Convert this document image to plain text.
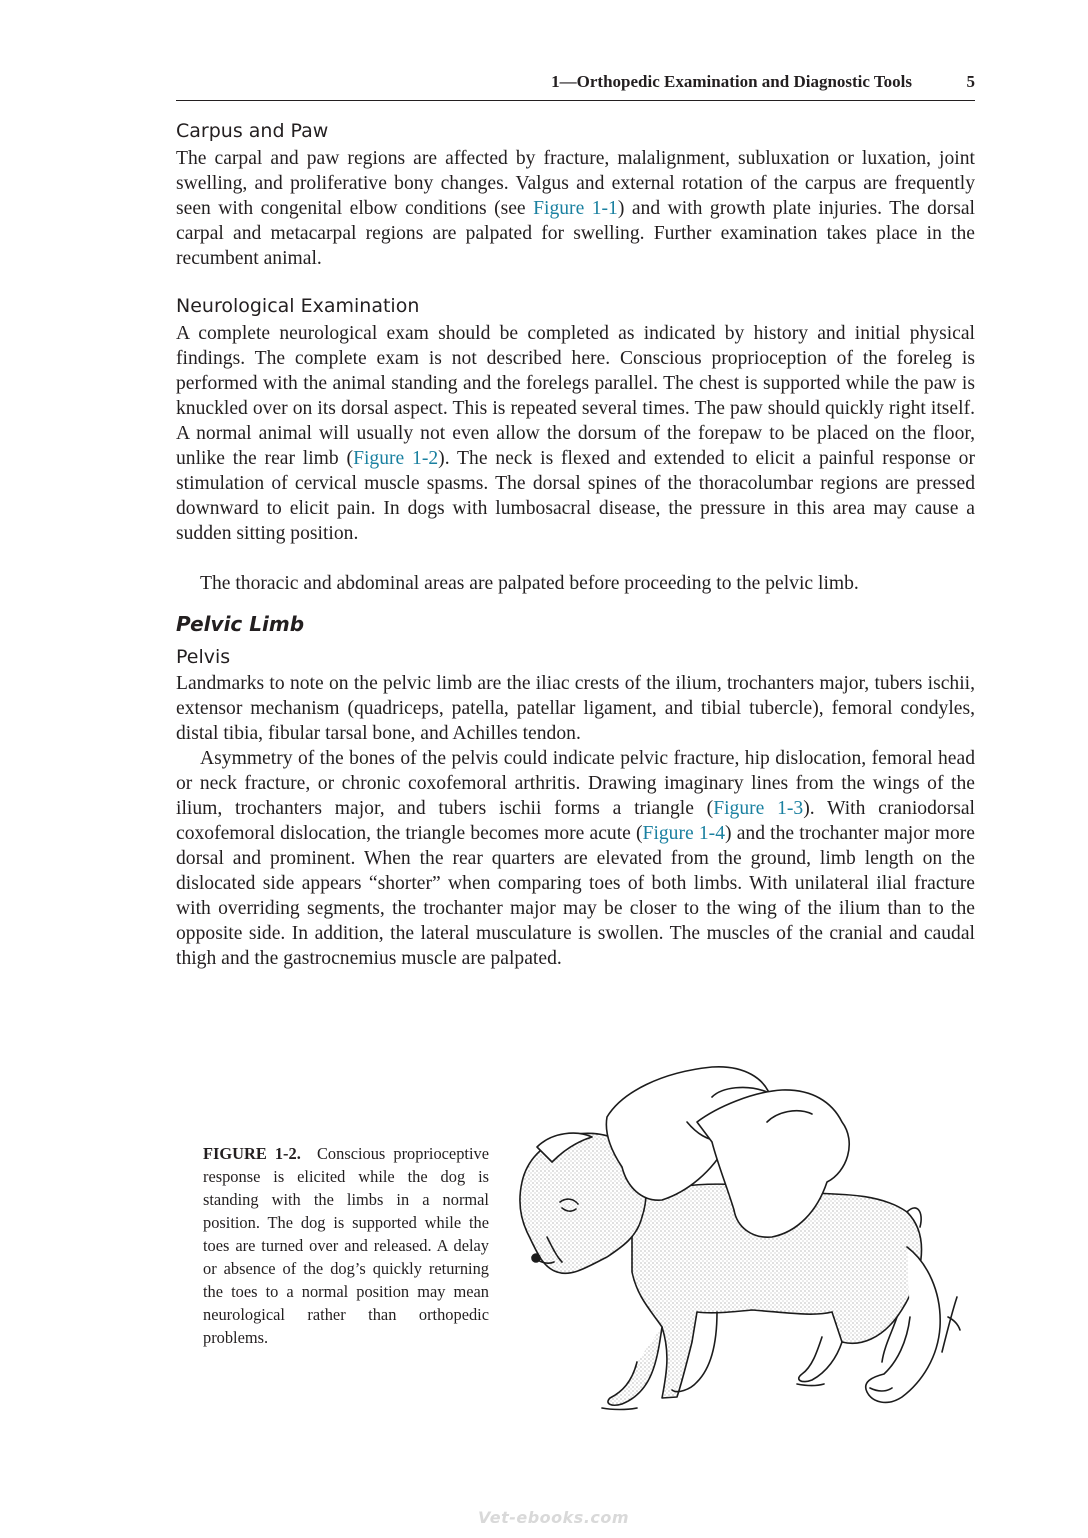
1—Orthopedic Examination and Diagnostic Tools	5
Carpus and Paw

The carpal and paw regions are affected by fracture, malalignment, subluxation or luxation, joint swelling, and proliferative bony changes. Valgus and external rotation of the carpus are frequently seen with congenital elbow conditions (see Figure 1-1) and with growth plate injuries. The dorsal carpal and metacarpal regions are palpated for swelling. Further examination takes place in the recumbent animal.

Neurological Examination

A complete neurological exam should be completed as indicated by history and initial physical findings. The complete exam is not described here. Conscious proprioception of the foreleg is performed with the animal standing and the forelegs parallel. The chest is supported while the paw is knuckled over on its dorsal aspect. This is repeated several times. The paw should quickly right itself. A normal animal will usually not even allow the dorsum of the forepaw to be placed on the floor, unlike the rear limb (Figure 1-2). The neck is flexed and extended to elicit a painful response or stimulation of cervical muscle spasms. The dorsal spines of the thoracolumbar regions are pressed downward to elicit pain. In dogs with lumbosacral disease, the pressure in this area may cause a sudden sitting position.

The thoracic and abdominal areas are palpated before proceeding to the pelvic limb.

Pelvic Limb
Pelvis

Landmarks to note on the pelvic limb are the iliac crests of the ilium, trochanters major, tubers ischii, extensor mechanism (quadriceps, patella, patellar ligament, and tibial tubercle), femoral condyles, distal tibia, fibular tarsal bone, and Achilles tendon.

Asymmetry of the bones of the pelvis could indicate pelvic fracture, hip dislocation, femoral head or neck fracture, or chronic coxofemoral arthritis. Drawing imaginary lines from the wings of the ilium, trochanters major, and tubers ischii forms a triangle (Figure 1-3). With craniodorsal coxofemoral dislocation, the triangle becomes more acute (Figure 1-4) and the trochanter major more dorsal and prominent. When the rear quarters are elevated from the ground, limb length on the dislocated side appears “shorter” when comparing toes of both limbs. With unilateral ilial fracture with overriding segments, the trochanter major may be closer to the wing of the ilium than to the opposite side. In addition, the lateral musculature is swollen. The muscles of the cranial and caudal thigh and the gastrocnemius muscle are palpated.

FIGURE 1-2. Conscious proprioceptive response is elicited while the dog is standing with the limbs in a normal position. The dog is supported while the toes are turned over and released. A delay or absence of the dog’s quickly returning the toes to a normal position may mean neurological rather than orthopedic problems.

Vet-ebooks.com
